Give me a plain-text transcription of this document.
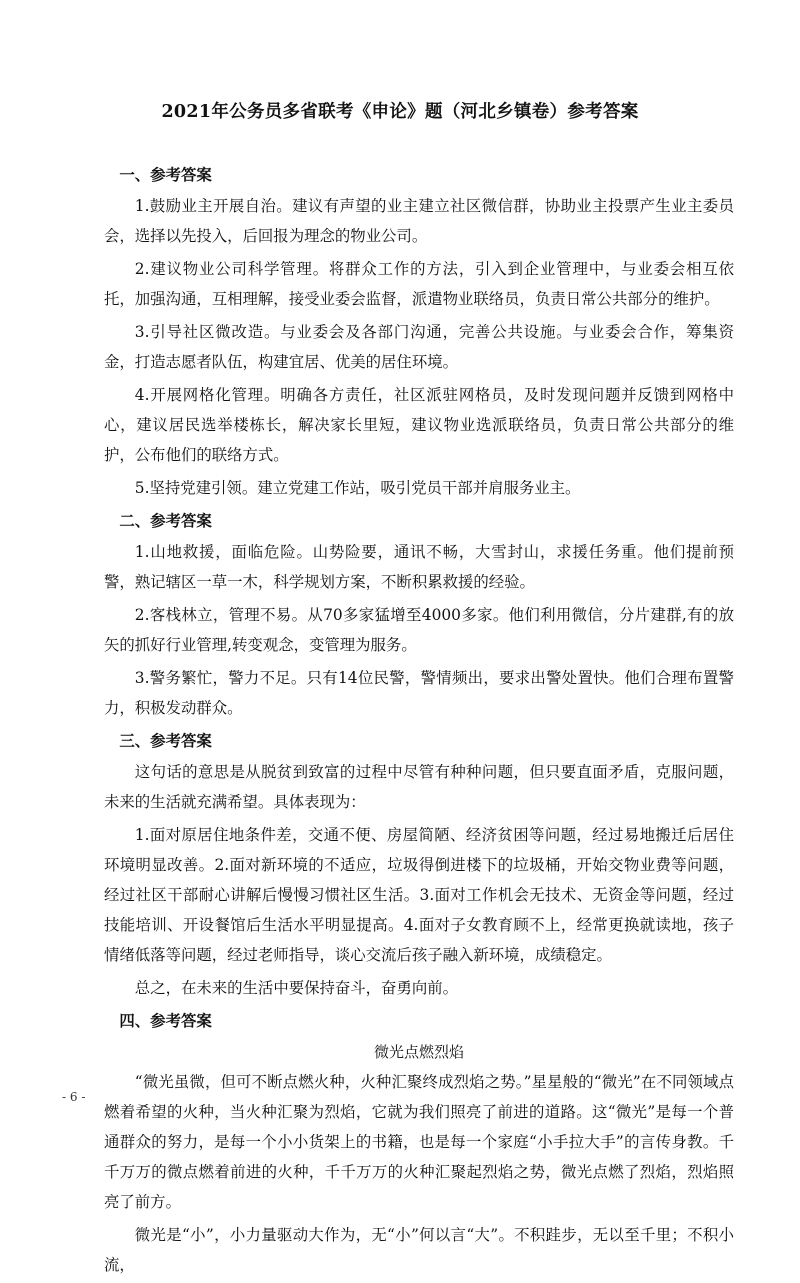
2021年公务员多省联考《申论》题（河北乡镇卷）参考答案
一、参考答案

1.鼓励业主开展自治。建议有声望的业主建立社区微信群，协助业主投票产生业主委员会，选择以先投入，后回报为理念的物业公司。

2.建议物业公司科学管理。将群众工作的方法，引入到企业管理中，与业委会相互依托，加强沟通，互相理解，接受业委会监督，派遣物业联络员，负责日常公共部分的维护。

3.引导社区微改造。与业委会及各部门沟通，完善公共设施。与业委会合作，筹集资金，打造志愿者队伍，构建宜居、优美的居住环境。

4.开展网格化管理。明确各方责任，社区派驻网格员，及时发现问题并反馈到网格中心，建议居民选举楼栋长，解决家长里短，建议物业选派联络员，负责日常公共部分的维护，公布他们的联络方式。

5.坚持党建引领。建立党建工作站，吸引党员干部并肩服务业主。

二、参考答案

1.山地救援，面临危险。山势险要，通讯不畅，大雪封山，求援任务重。他们提前预警，熟记辖区一草一木，科学规划方案，不断积累救援的经验。

2.客栈林立，管理不易。从70多家猛增至4000多家。他们利用微信，分片建群,有的放矢的抓好行业管理,转变观念，变管理为服务。

3.警务繁忙，警力不足。只有14位民警，警情频出，要求出警处置快。他们合理布置警力，积极发动群众。

三、参考答案

这句话的意思是从脱贫到致富的过程中尽管有种种问题，但只要直面矛盾，克服问题，未来的生活就充满希望。具体表现为：

1.面对原居住地条件差，交通不便、房屋简陋、经济贫困等问题，经过易地搬迁后居住环境明显改善。2.面对新环境的不适应，垃圾得倒进楼下的垃圾桶，开始交物业费等问题，经过社区干部耐心讲解后慢慢习惯社区生活。3.面对工作机会无技术、无资金等问题，经过技能培训、开设餐馆后生活水平明显提高。4.面对子女教育顾不上，经常更换就读地，孩子情绪低落等问题，经过老师指导，谈心交流后孩子融入新环境，成绩稳定。

总之，在未来的生活中要保持奋斗，奋勇向前。

四、参考答案
微光点燃烈焰

“微光虽微，但可不断点燃火种，火种汇聚终成烈焰之势。”星星般的“微光”在不同领域点燃着希望的火种，当火种汇聚为烈焰，它就为我们照亮了前进的道路。这“微光”是每一个普通群众的努力，是每一个小小货架上的书籍，也是每一个家庭“小手拉大手”的言传身教。千千万万的微点燃着前进的火种，千千万万的火种汇聚起烈焰之势，微光点燃了烈焰，烈焰照亮了前方。

微光是“小”，小力量驱动大作为，无“小”何以言“大”。不积跬步，无以至千里；不积小流，

- 6 -
